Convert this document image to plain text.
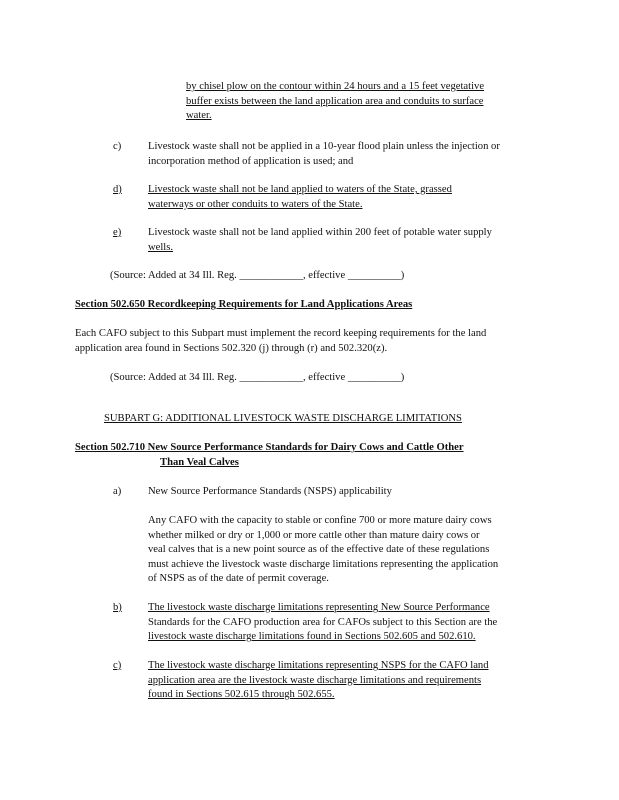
by chisel plow on the contour within 24 hours and a 15 feet vegetative
buffer exists between the land application area and conduits to surface
water.
c)	Livestock waste shall not be applied in a 10-year flood plain unless the injection or
incorporation method of application is used; and
d) Livestock waste shall not be land applied to waters of the State, grassed
waterways or other conduits to waters of the State.
e)	Livestock waste shall not be land applied within 200 feet of potable water supply
wells.
(Source: Added at 34 Ill. Reg. ____________, effective __________)
Section 502.650 Recordkeeping Requirements for Land Applications Areas
Each CAFO subject to this Subpart must implement the record keeping requirements for the land
application area found in Sections 502.320 (j) through (r) and 502.320(z).
(Source: Added at 34 Ill. Reg. ____________, effective __________)
SUBPART G: ADDITIONAL LIVESTOCK WASTE DISCHARGE LIMITATIONS
Section 502.710 New Source Performance Standards for Dairy Cows and Cattle Other
Than Veal Calves
a)	New Source Performance Standards (NSPS) applicability
Any CAFO with the capacity to stable or confine 700 or more mature dairy cows
whether milked or dry or 1,000 or more cattle other than mature dairy cows or
veal calves that is a new point source as of the effective date of these regulations
must achieve the livestock waste discharge limitations representing the application
of NSPS as of the date of permit coverage.
b) The livestock waste discharge limitations representing New Source Performance
Standards for the CAFO production area for CAFOs subject to this Section are the
livestock waste discharge limitations found in Sections 502.605 and 502.610.
c)	The livestock waste discharge limitations representing NSPS for the CAFO land
application area are the livestock waste discharge limitations and requirements
found in Sections 502.615 through 502.655.
